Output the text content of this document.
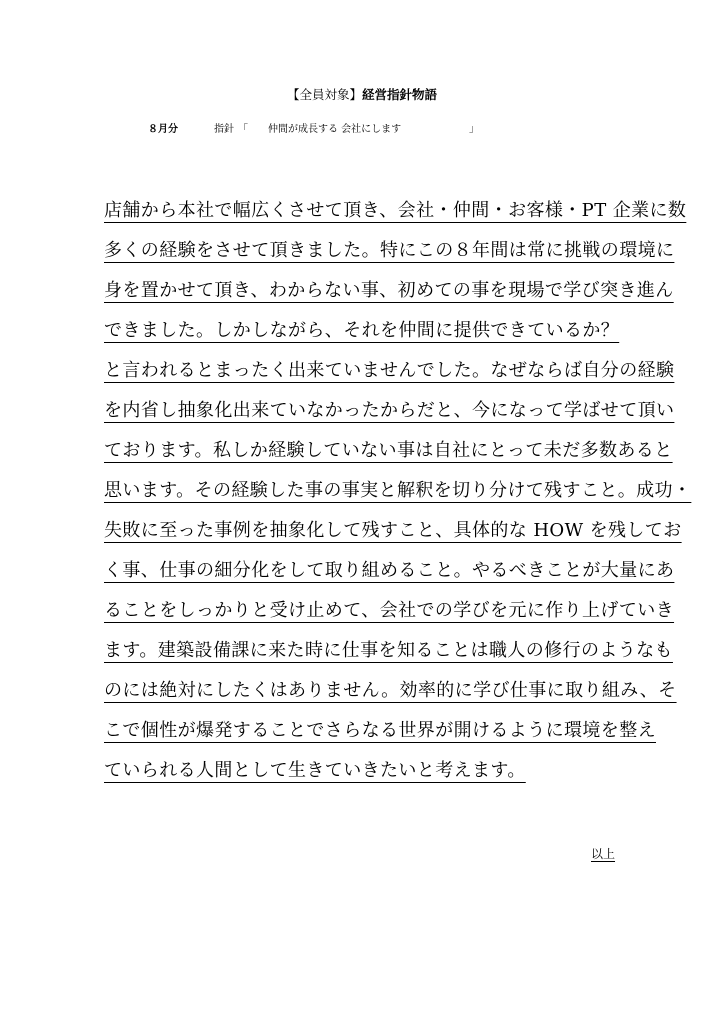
【全員対象】経営指針物語
８月分	指針 「 仲間が成長する 会社にします	」
店舗から本社で幅広くさせて頂き、会社・仲間・お客様・PT 企業に数
多くの経験をさせて頂きました。特にこの８年間は常に挑戦の環境に
身を置かせて頂き、わからない事、初めての事を現場で学び突き進ん
できました。しかしながら、それを仲間に提供できているか？
と言われるとまったく出来ていませんでした。なぜならば自分の経験
を内省し抽象化出来ていなかったからだと、今になって学ばせて頂い
ております。私しか経験していない事は自社にとって未だ多数あると
思います。その経験した事の事実と解釈を切り分けて残すこと。成功・
失敗に至った事例を抽象化して残すこと、具体的な HOW を残してお
く事、仕事の細分化をして取り組めること。やるべきことが大量にあ
ることをしっかりと受け止めて、会社での学びを元に作り上げていき
ます。建築設備課に来た時に仕事を知ることは職人の修行のようなも
のには絶対にしたくはありません。効率的に学び仕事に取り組み、そ
こで個性が爆発することでさらなる世界が開けるように環境を整え
ていられる人間として生きていきたいと考えます。
以上
